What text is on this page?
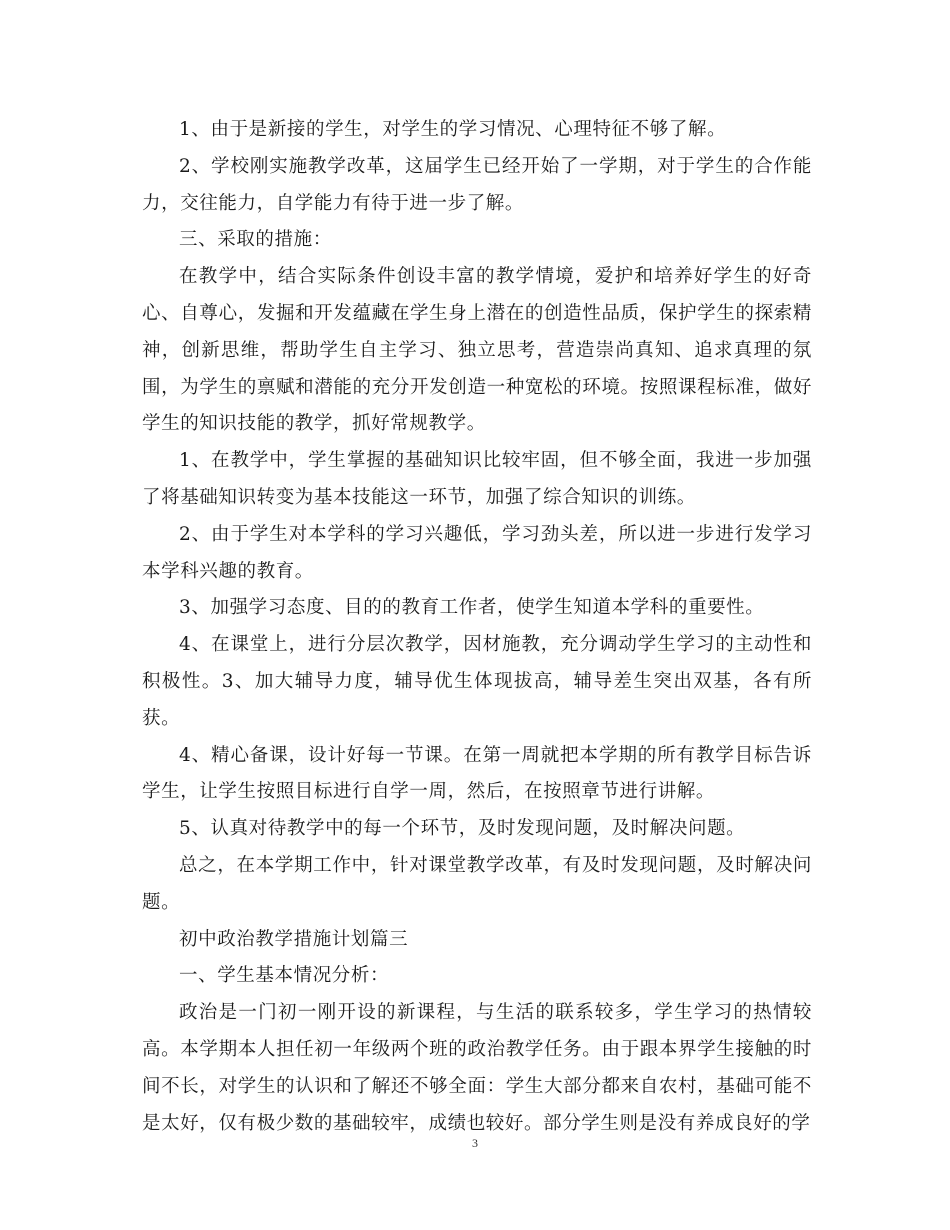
1、由于是新接的学生，对学生的学习情况、心理特征不够了解。

2、学校刚实施教学改革，这届学生已经开始了一学期，对于学生的合作能力，交往能力，自学能力有待于进一步了解。

三、采取的措施：

在教学中，结合实际条件创设丰富的教学情境，爱护和培养好学生的好奇心、自尊心，发掘和开发蕴藏在学生身上潜在的创造性品质，保护学生的探索精神，创新思维，帮助学生自主学习、独立思考，营造崇尚真知、追求真理的氛围，为学生的禀赋和潜能的充分开发创造一种宽松的环境。按照课程标准，做好学生的知识技能的教学，抓好常规教学。

1、在教学中，学生掌握的基础知识比较牢固，但不够全面，我进一步加强了将基础知识转变为基本技能这一环节，加强了综合知识的训练。

2、由于学生对本学科的学习兴趣低，学习劲头差，所以进一步进行发学习本学科兴趣的教育。

3、加强学习态度、目的的教育工作者，使学生知道本学科的重要性。

4、在课堂上，进行分层次教学，因材施教，充分调动学生学习的主动性和积极性。3、加大辅导力度，辅导优生体现拔高，辅导差生突出双基，各有所获。

4、精心备课，设计好每一节课。在第一周就把本学期的所有教学目标告诉学生，让学生按照目标进行自学一周，然后，在按照章节进行讲解。

5、认真对待教学中的每一个环节，及时发现问题，及时解决问题。

总之，在本学期工作中，针对课堂教学改革，有及时发现问题，及时解决问题。

初中政治教学措施计划篇三

一、学生基本情况分析：

政治是一门初一刚开设的新课程，与生活的联系较多，学生学习的热情较高。本学期本人担任初一年级两个班的政治教学任务。由于跟本界学生接触的时间不长，对学生的认识和了解还不够全面：学生大部分都来自农村，基础可能不是太好，仅有极少数的基础较牢，成绩也较好。部分学生则是没有养成良好的学

3
